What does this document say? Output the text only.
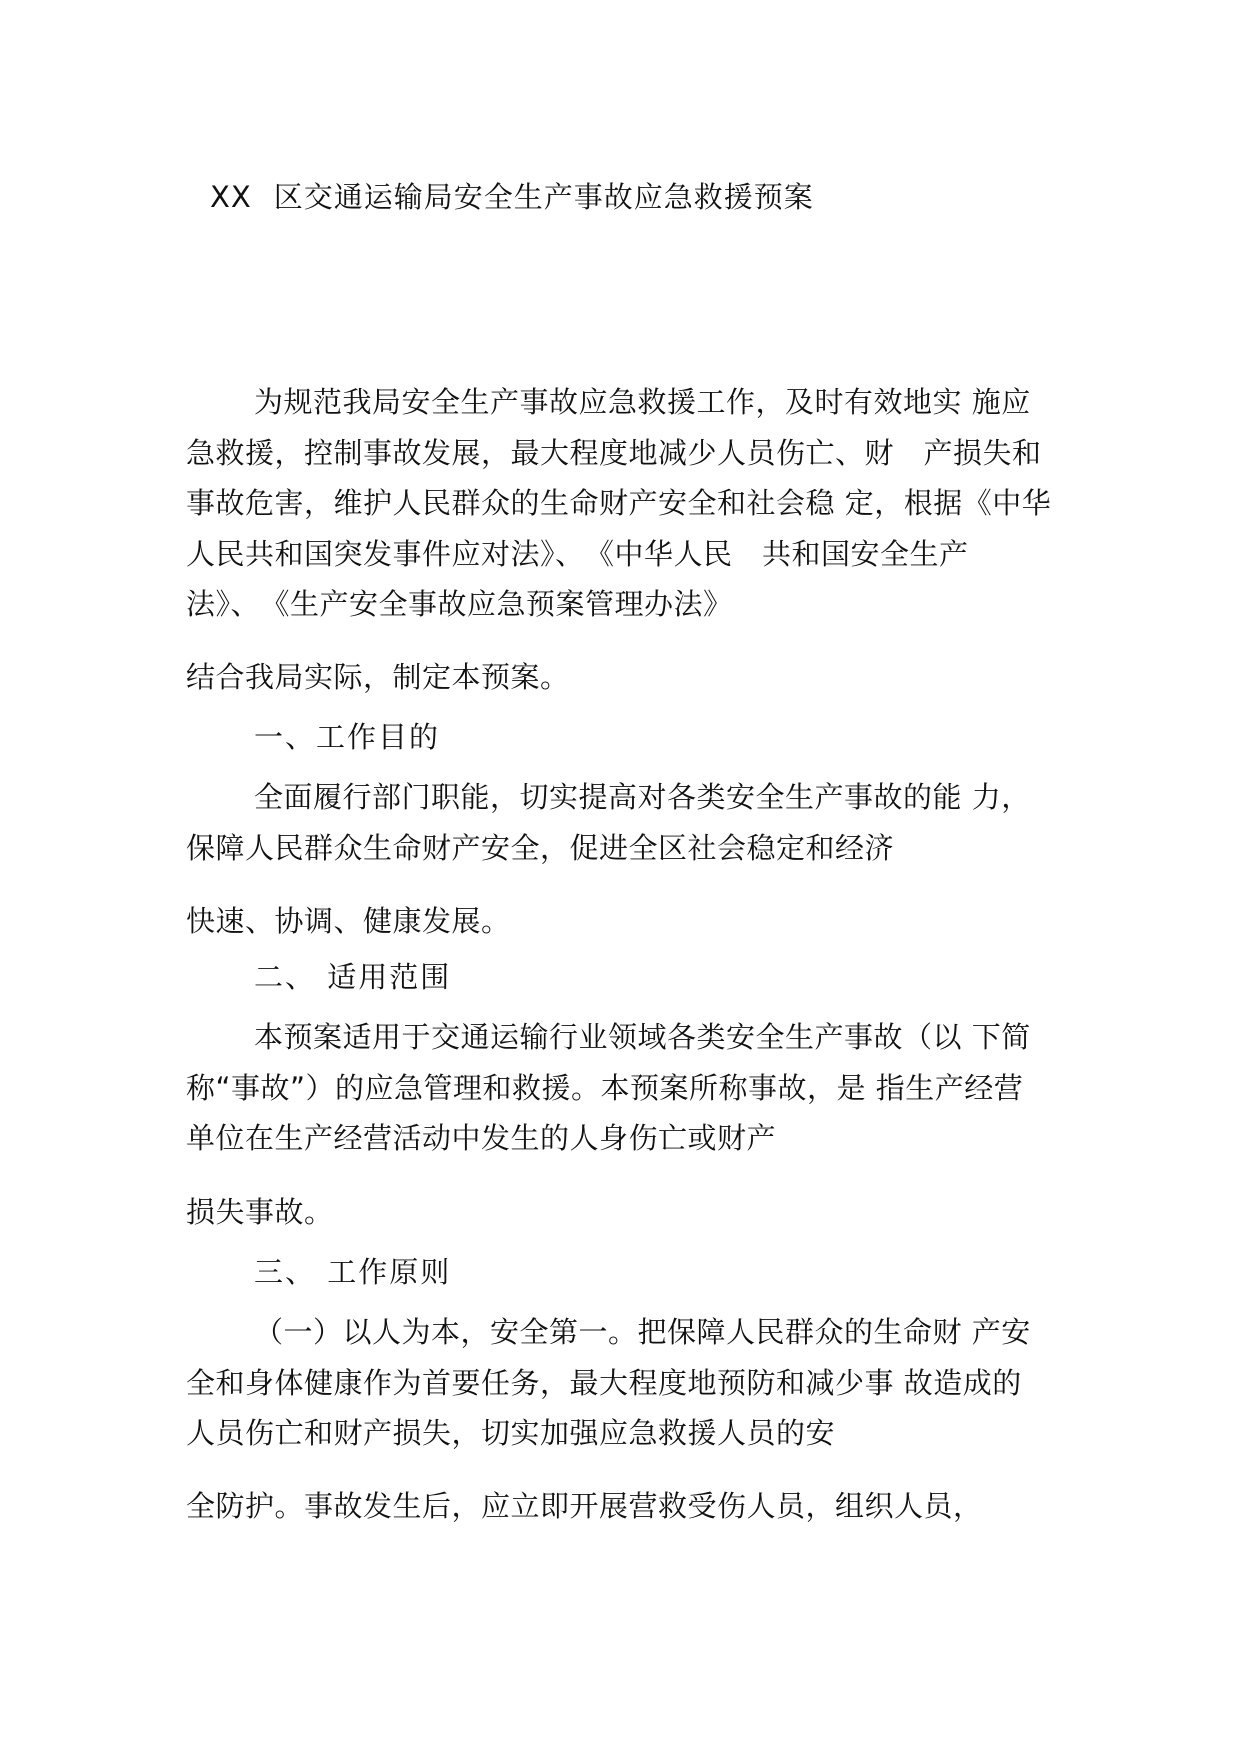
XX 区交通运输局安全生产事故应急救援预案
为规范我局安全生产事故应急救援工作，及时有效地实 施应
急救援，控制事故发展，最大程度地减少人员伤亡、财　产损失和
事故危害，维护人民群众的生命财产安全和社会稳 定，根据《中华
人民共和国突发事件应对法》、　《中华人民　共和国安全生产
法》、　《生产安全事故应急预案管理办法》
结合我局实际，制定本预案。
一、工作目的
全面履行部门职能，切实提高对各类安全生产事故的能 力，
保障人民群众生命财产安全，促进全区社会稳定和经济
快速、协调、健康发展。
二、 适用范围
本预案适用于交通运输行业领域各类安全生产事故（以 下简
称“事故”）的应急管理和救援。本预案所称事故，是 指生产经营
单位在生产经营活动中发生的人身伤亡或财产
损失事故。
三、 工作原则
（一）以人为本，安全第一。把保障人民群众的生命财 产安
全和身体健康作为首要任务，最大程度地预防和减少事 故造成的
人员伤亡和财产损失，切实加强应急救援人员的安
全防护。事故发生后，应立即开展营救受伤人员，组织人员，
